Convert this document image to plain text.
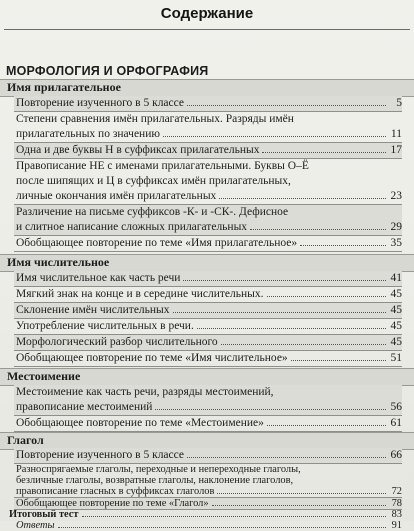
Содержание
МОРФОЛОГИЯ И ОРФОГРАФИЯ
Имя прилагательное
Повторение изученного в 5 классе	5
Степени сравнения имён прилагательных. Разряды имён
прилагательных по значению	11
Одна и две буквы Н в суффиксах прилагательных	17
Правописание НЕ с именами прилагательными. Буквы О–Ё
после шипящих и Ц в суффиксах имён прилагательных,
личные окончания имён прилагательных	23
Различение на письме суффиксов -К- и -СК-. Дефисное
и слитное написание сложных прилагательных	29
Обобщающее повторение по теме «Имя прилагательное»	35
Имя числительное
Имя числительное как часть речи	41
Мягкий знак на конце и в середине числительных.	45
Склонение имён числительных	45
Употребление числительных в речи.	45
Морфологический разбор числительного	45
Обобщающее повторение по теме «Имя числительное»	51
Местоимение
Местоимение как часть речи, разряды местоимений,
правописание местоимений	56
Обобщающее повторение по теме «Местоимение»	61
Глагол
Повторение изученного в 5 классе	66
Разноспрягаемые глаголы, переходные и непереходные глаголы,
безличные глаголы, возвратные глаголы, наклонение глаголов,
правописание гласных в суффиксах глаголов	72
Обобщающее повторение по теме «Глагол»	78
Итоговый тест	83
Ответы	91
